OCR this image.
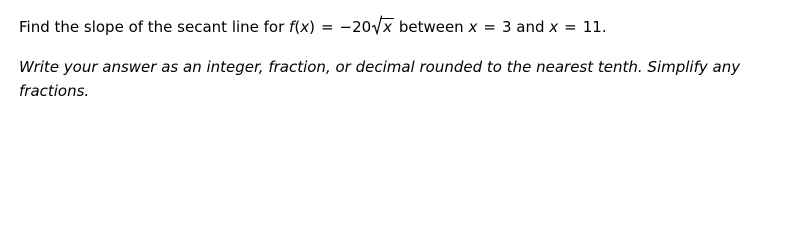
Find the slope of the secant line for f(x) = −20 x between x = 3 and x = 11.
Write your answer as an integer, fraction, or decimal rounded to the nearest tenth. Simplify any fractions.
